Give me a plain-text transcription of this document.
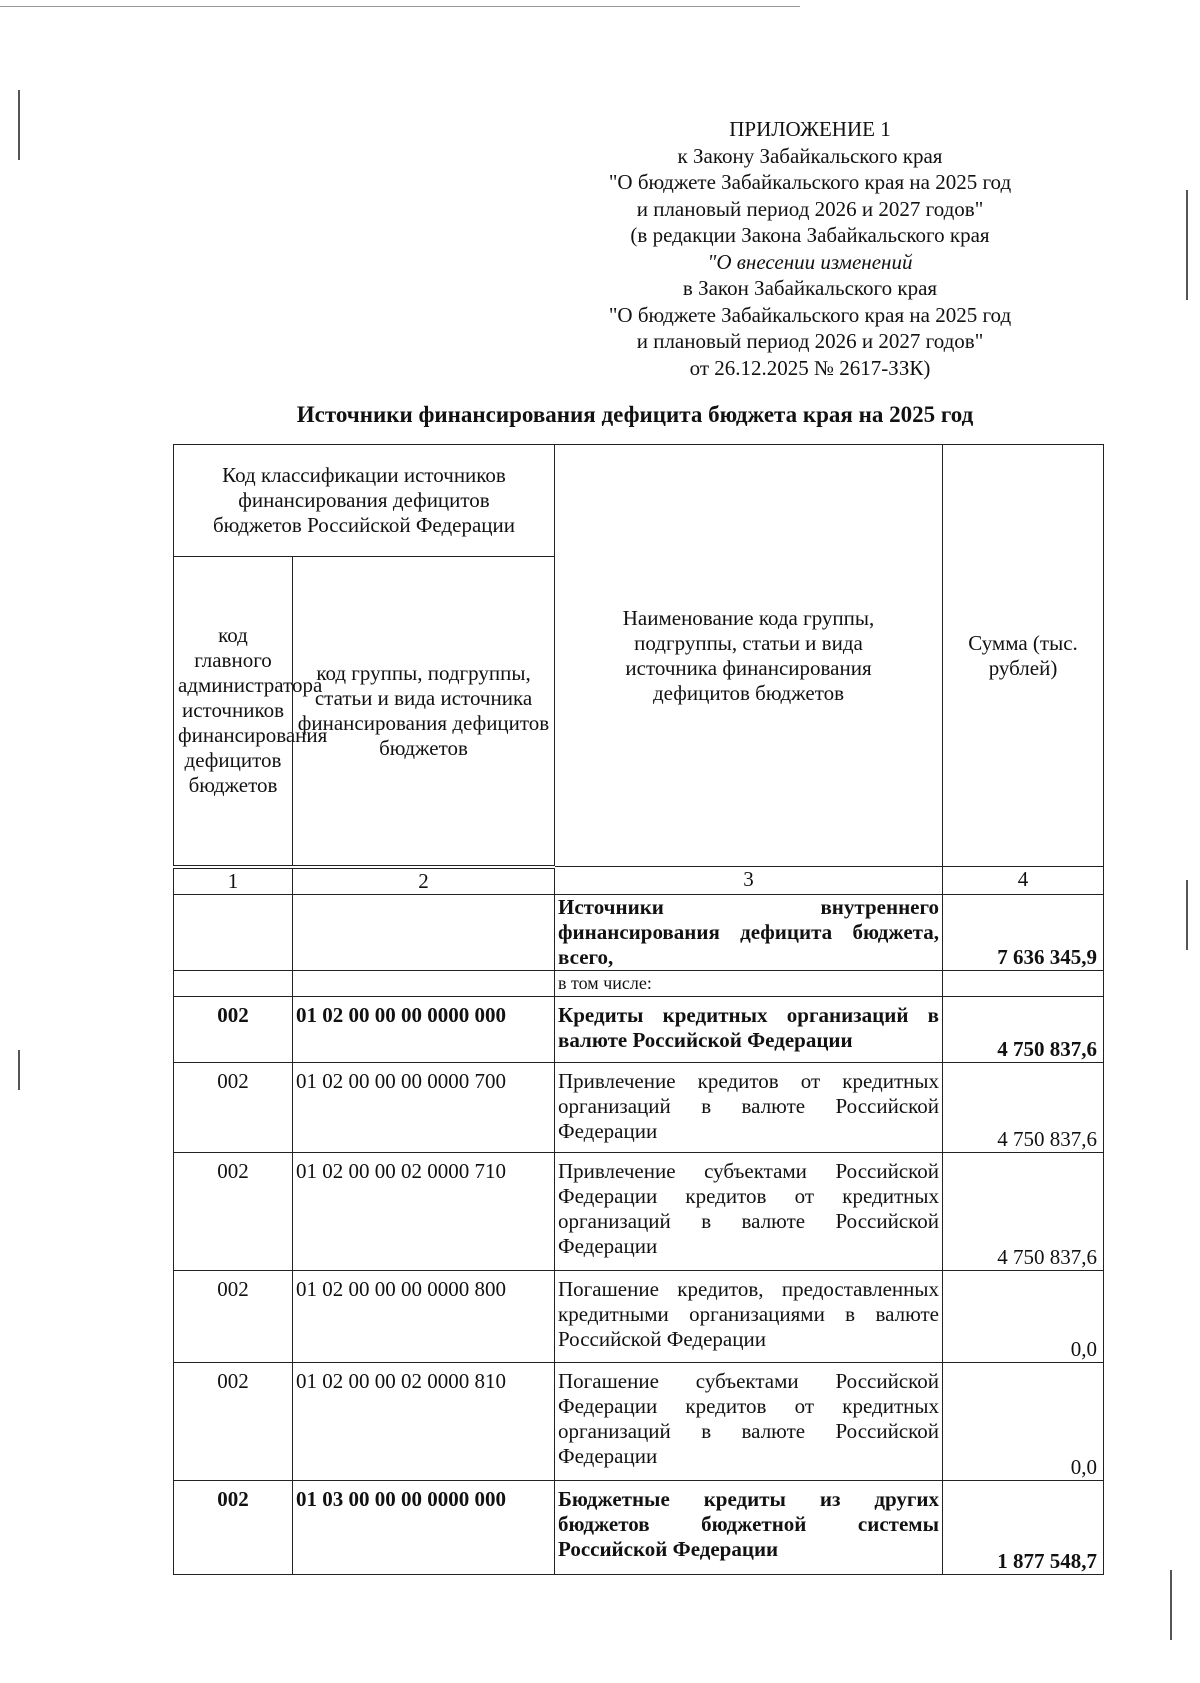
ПРИЛОЖЕНИЕ 1
к Закону Забайкальского края
"О бюджете Забайкальского края на 2025 год
и плановый период 2026 и 2027 годов"
(в редакции Закона Забайкальского края
"О внесении изменений
в Закон Забайкальского края
"О бюджете Забайкальского края на 2025 год
и плановый период 2026 и 2027 годов"
от 26.12.2025 № 2617-ЗЗК)
Источники финансирования дефицита бюджета края на 2025 год
Код классификации источников финансирования дефицитов бюджетов Российской Федерации		Наименование кода группы, подгруппы, статьи и вида источника финансирования дефицитов бюджетов	Сумма (тыс. рублей)
код главного администратора источников финансирования дефицитов бюджетов	код группы, подгруппы, статьи и вида источника финансирования дефицитов бюджетов		
1	2	3	4
		Источники внутреннего финансирования дефицита бюджета, всего,	7 636 345,9
		в том числе:	
002	01 02 00 00 00 0000 000	Кредиты кредитных организаций в валюте Российской Федерации	4 750 837,6
002	01 02 00 00 00 0000 700	Привлечение кредитов от кредитных организаций в валюте Российской Федерации	4 750 837,6
002	01 02 00 00 02 0000 710	Привлечение субъектами Российской Федерации кредитов от кредитных организаций в валюте Российской Федерации	4 750 837,6
002	01 02 00 00 00 0000 800	Погашение кредитов, предоставленных кредитными организациями в валюте Российской Федерации	0,0
002	01 02 00 00 02 0000 810	Погашение субъектами Российской Федерации кредитов от кредитных организаций в валюте Российской Федерации	0,0
002	01 03 00 00 00 0000 000	Бюджетные кредиты из других бюджетов бюджетной системы Российской Федерации	1 877 548,7
